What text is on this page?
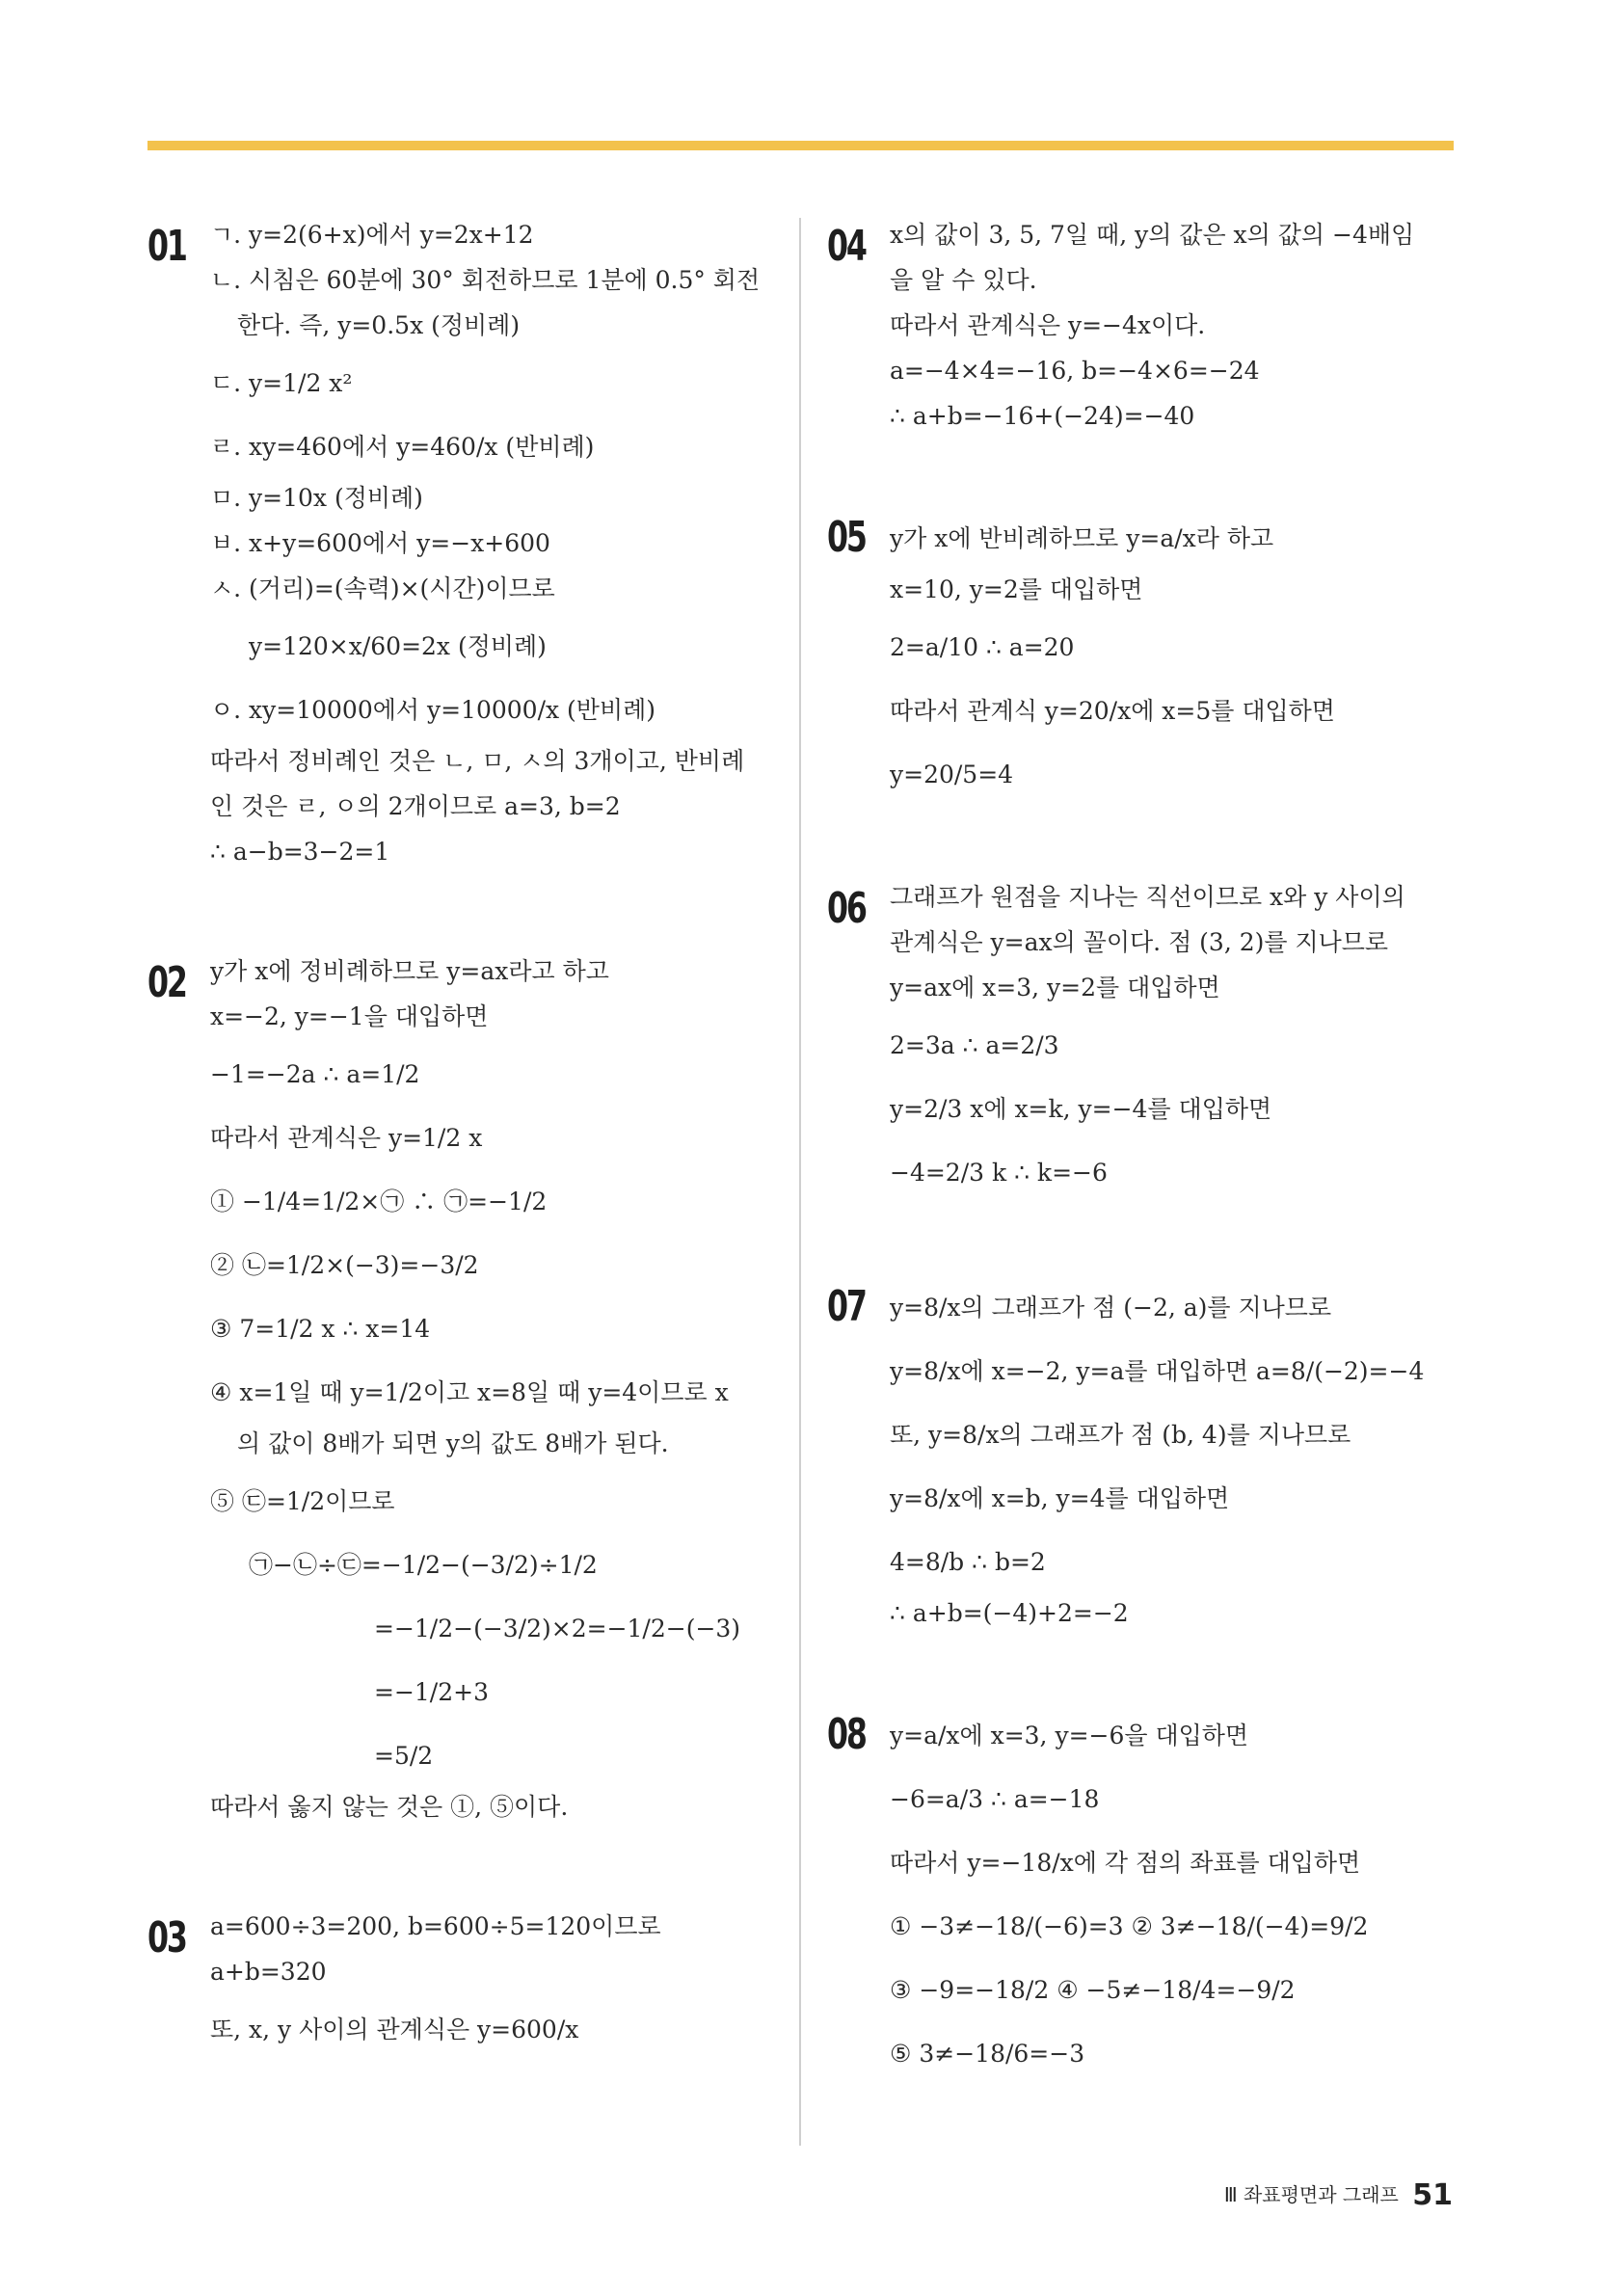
01 ㄱ. y=2(6+x)에서 y=2x+12
ㄴ. 시침은 60분에 30° 회전하므로 1분에 0.5° 회전
한다. 즉, y=0.5x (정비례)
ㄷ. y=1/2 x²
ㄹ. xy=460에서 y=460/x (반비례)
ㅁ. y=10x (정비례)
ㅂ. x+y=600에서 y=−x+600
ㅅ. (거리)=(속력)×(시간)이므로
y=120×x/60=2x (정비례)
ㅇ. xy=10000에서 y=10000/x (반비례)
따라서 정비례인 것은 ㄴ, ㅁ, ㅅ의 3개이고, 반비례
인 것은 ㄹ, ㅇ의 2개이므로 a=3, b=2
∴ a−b=3−2=1
02 y가 x에 정비례하므로 y=ax라고 하고
x=−2, y=−1을 대입하면
−1=−2a ∴ a=1/2
따라서 관계식은 y=1/2 x
① −1/4=1/2×㉠ ∴ ㉠=−1/2
② ㉡=1/2×(−3)=−3/2
③ 7=1/2 x ∴ x=14
④ x=1일 때 y=1/2이고 x=8일 때 y=4이므로 x
의 값이 8배가 되면 y의 값도 8배가 된다.
⑤ ㉢=1/2이므로
㉠−㉡÷㉢=−1/2−(−3/2)÷1/2
=−1/2−(−3/2)×2=−1/2−(−3)
=−1/2+3
=5/2
따라서 옳지 않는 것은 ①, ⑤이다.
03 a=600÷3=200, b=600÷5=120이므로
a+b=320
또, x, y 사이의 관계식은 y=600/x
04 x의 값이 3, 5, 7일 때, y의 값은 x의 값의 −4배임
을 알 수 있다.
따라서 관계식은 y=−4x이다.
a=−4×4=−16, b=−4×6=−24
∴ a+b=−16+(−24)=−40
05 y가 x에 반비례하므로 y=a/x라 하고
x=10, y=2를 대입하면
2=a/10 ∴ a=20
따라서 관계식 y=20/x에 x=5를 대입하면
y=20/5=4
06 그래프가 원점을 지나는 직선이므로 x와 y 사이의
관계식은 y=ax의 꼴이다. 점 (3, 2)를 지나므로
y=ax에 x=3, y=2를 대입하면
2=3a ∴ a=2/3
y=2/3 x에 x=k, y=−4를 대입하면
−4=2/3 k ∴ k=−6
07 y=8/x의 그래프가 점 (−2, a)를 지나므로
y=8/x에 x=−2, y=a를 대입하면 a=8/(−2)=−4
또, y=8/x의 그래프가 점 (b, 4)를 지나므로
y=8/x에 x=b, y=4를 대입하면
4=8/b ∴ b=2
∴ a+b=(−4)+2=−2
08 y=a/x에 x=3, y=−6을 대입하면
−6=a/3 ∴ a=−18
따라서 y=−18/x에 각 점의 좌표를 대입하면
① −3≠−18/(−6)=3 ② 3≠−18/(−4)=9/2
③ −9=−18/2 ④ −5≠−18/4=−9/2
⑤ 3≠−18/6=−3
Ⅲ 좌표평면과 그래프 51
